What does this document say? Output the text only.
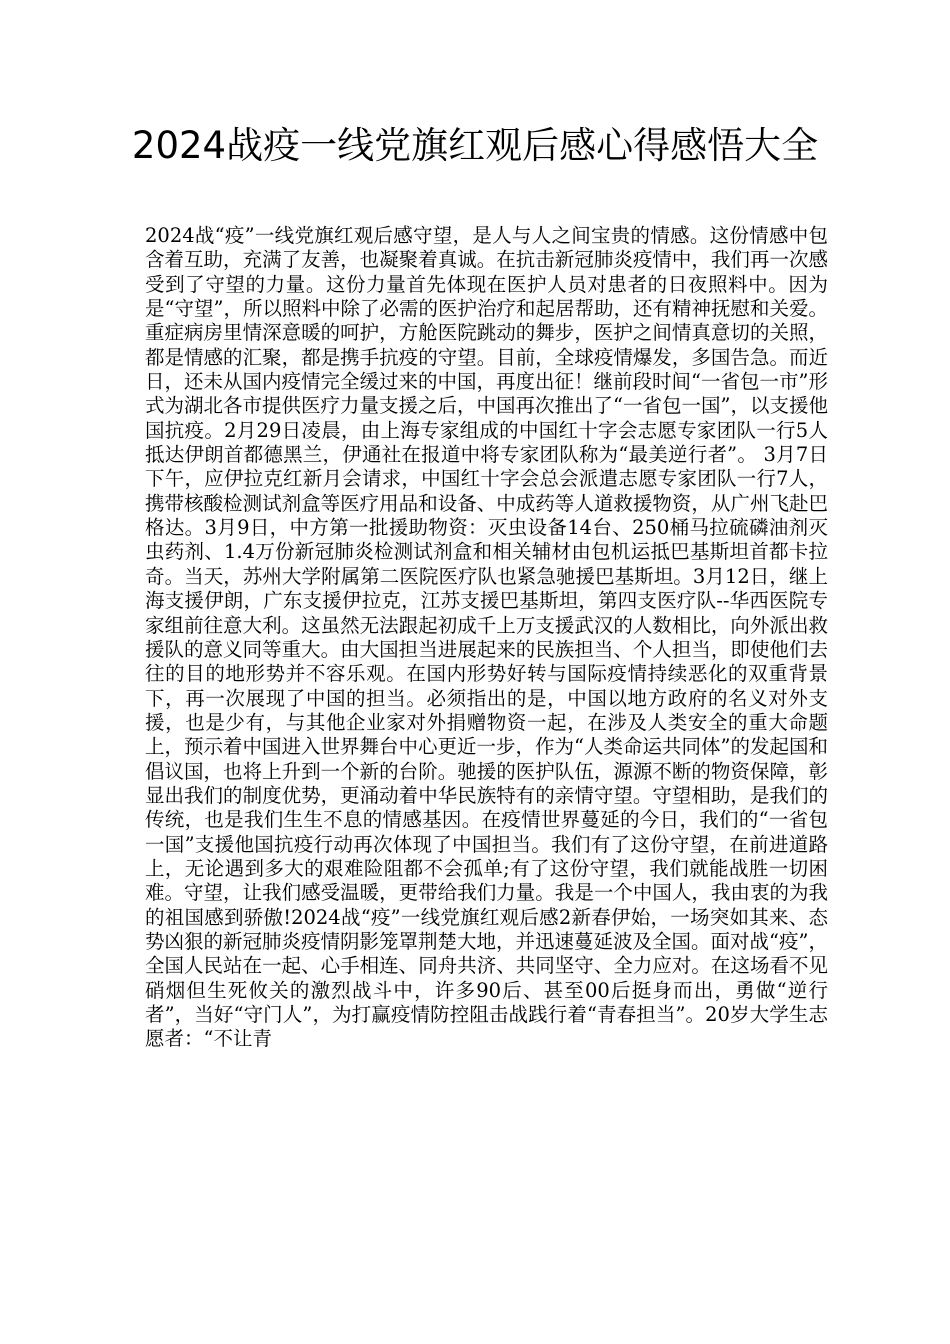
2024战疫一线党旗红观后感心得感悟大全

2024战“疫”一线党旗红观后感守望，是人与人之间宝贵的情感。这份情感中包含着互助，充满了友善，也凝聚着真诚。在抗击新冠肺炎疫情中，我们再一次感受到了守望的力量。这份力量首先体现在医护人员对患者的日夜照料中。因为是“守望”，所以照料中除了必需的医护治疗和起居帮助，还有精神抚慰和关爱。重症病房里情深意暖的呵护，方舱医院跳动的舞步，医护之间情真意切的关照，都是情感的汇聚，都是携手抗疫的守望。目前，全球疫情爆发，多国告急。而近日，还未从国内疫情完全缓过来的中国，再度出征！继前段时间“一省包一市”形式为湖北各市提供医疗力量支援之后，中国再次推出了“一省包一国”，以支援他国抗疫。2月29日凌晨，由上海专家组成的中国红十字会志愿专家团队一行5人抵达伊朗首都德黑兰，伊通社在报道中将专家团队称为“最美逆行者”。 3月7日下午，应伊拉克红新月会请求，中国红十字会总会派遣志愿专家团队一行7人，携带核酸检测试剂盒等医疗用品和设备、中成药等人道救援物资，从广州飞赴巴格达。3月9日，中方第一批援助物资：灭虫设备14台、250桶马拉硫磷油剂灭虫药剂、1.4万份新冠肺炎检测试剂盒和相关辅材由包机运抵巴基斯坦首都卡拉奇。当天，苏州大学附属第二医院医疗队也紧急驰援巴基斯坦。3月12日，继上海支援伊朗，广东支援伊拉克，江苏支援巴基斯坦，第四支医疗队--华西医院专家组前往意大利。这虽然无法跟起初成千上万支援武汉的人数相比，向外派出救援队的意义同等重大。由大国担当进展起来的民族担当、个人担当，即使他们去往的目的地形势并不容乐观。在国内形势好转与国际疫情持续恶化的双重背景下，再一次展现了中国的担当。必须指出的是，中国以地方政府的名义对外支援，也是少有，与其他企业家对外捐赠物资一起，在涉及人类安全的重大命题上，预示着中国进入世界舞台中心更近一步，作为“人类命运共同体”的发起国和倡议国，也将上升到一个新的台阶。驰援的医护队伍，源源不断的物资保障，彰显出我们的制度优势，更涌动着中华民族特有的亲情守望。守望相助，是我们的传统，也是我们生生不息的情感基因。在疫情世界蔓延的今日，我们的“一省包一国”支援他国抗疫行动再次体现了中国担当。我们有了这份守望，在前进道路上，无论遇到多大的艰难险阻都不会孤单;有了这份守望，我们就能战胜一切困难。守望，让我们感受温暖，更带给我们力量。我是一个中国人，我由衷的为我的祖国感到骄傲!2024战“疫”一线党旗红观后感2新春伊始，一场突如其来、态势凶狠的新冠肺炎疫情阴影笼罩荆楚大地，并迅速蔓延波及全国。面对战“疫”，全国人民站在一起、心手相连、同舟共济、共同坚守、全力应对。在这场看不见硝烟但生死攸关的激烈战斗中，许多90后、甚至00后挺身而出，勇做“逆行者”，当好“守门人”，为打赢疫情防控阻击战践行着“青春担当”。20岁大学生志愿者：“不让青
